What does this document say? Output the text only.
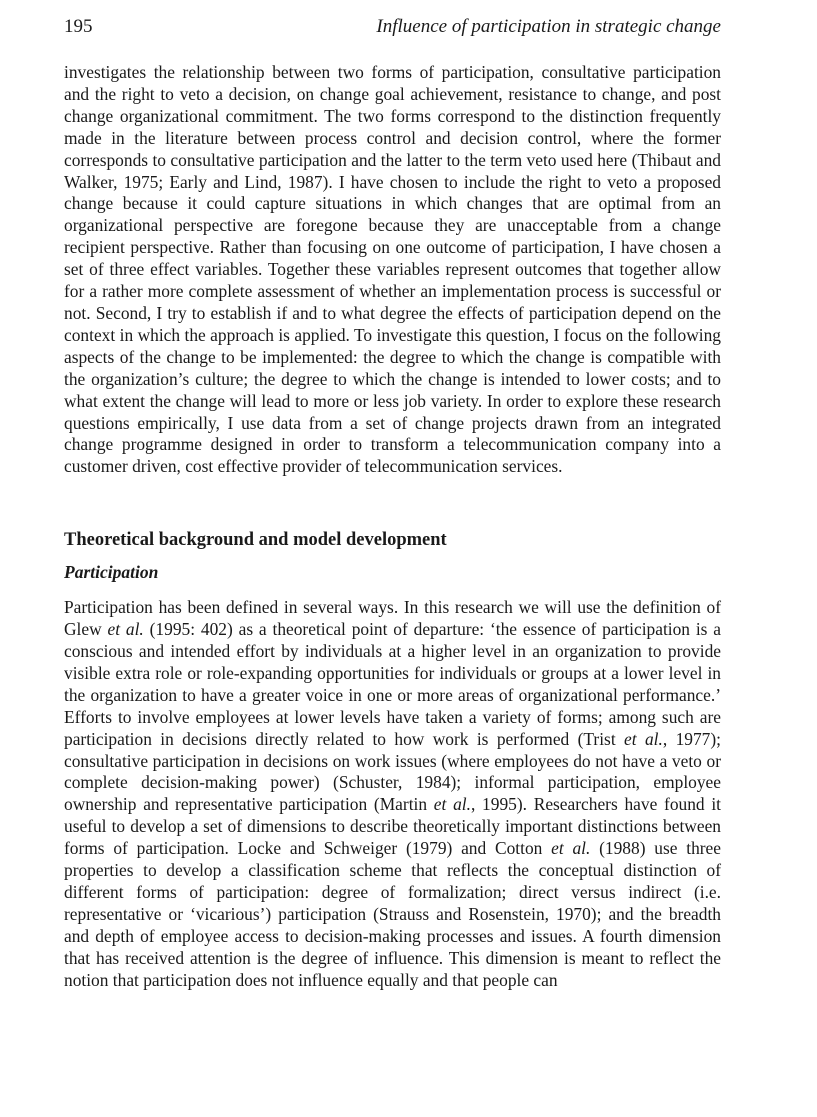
195	Influence of participation in strategic change

investigates the relationship between two forms of participation, consultative participation and the right to veto a decision, on change goal achievement, resistance to change, and post change organizational commitment. The two forms correspond to the distinction frequently made in the literature between process control and decision control, where the former corresponds to consultative participation and the latter to the term veto used here (Thibaut and Walker, 1975; Early and Lind, 1987). I have chosen to include the right to veto a proposed change because it could capture situations in which changes that are optimal from an organizational perspective are foregone because they are unacceptable from a change recipient perspective. Rather than focusing on one outcome of participation, I have chosen a set of three effect variables. Together these variables represent outcomes that together allow for a rather more complete assessment of whether an implementation process is successful or not. Second, I try to establish if and to what degree the effects of participation depend on the context in which the approach is applied. To investigate this question, I focus on the following aspects of the change to be implemented: the degree to which the change is compatible with the organization’s culture; the degree to which the change is intended to lower costs; and to what extent the change will lead to more or less job variety. In order to explore these research questions empirically, I use data from a set of change projects drawn from an integrated change programme designed in order to transform a telecommunication company into a customer driven, cost effective provider of telecommunication services.

Theoretical background and model development
Participation

Participation has been defined in several ways. In this research we will use the definition of Glew et al. (1995: 402) as a theoretical point of departure: ‘the essence of participation is a conscious and intended effort by individuals at a higher level in an organization to provide visible extra role or role-expanding opportunities for individuals or groups at a lower level in the organization to have a greater voice in one or more areas of organizational performance.’ Efforts to involve employees at lower levels have taken a variety of forms; among such are participation in decisions directly related to how work is performed (Trist et al., 1977); consultative participation in decisions on work issues (where employees do not have a veto or complete decision-making power) (Schuster, 1984); informal participation, employee ownership and representative participation (Martin et al., 1995). Researchers have found it useful to develop a set of dimensions to describe theoretically important distinctions between forms of participation. Locke and Schweiger (1979) and Cotton et al. (1988) use three properties to develop a classification scheme that reflects the conceptual distinction of different forms of participation: degree of formalization; direct versus indirect (i.e. representative or ‘vicarious’) participation (Strauss and Rosenstein, 1970); and the breadth and depth of employee access to decision-making processes and issues. A fourth dimension that has received attention is the degree of influence. This dimension is meant to reflect the notion that participation does not influence equally and that people can
